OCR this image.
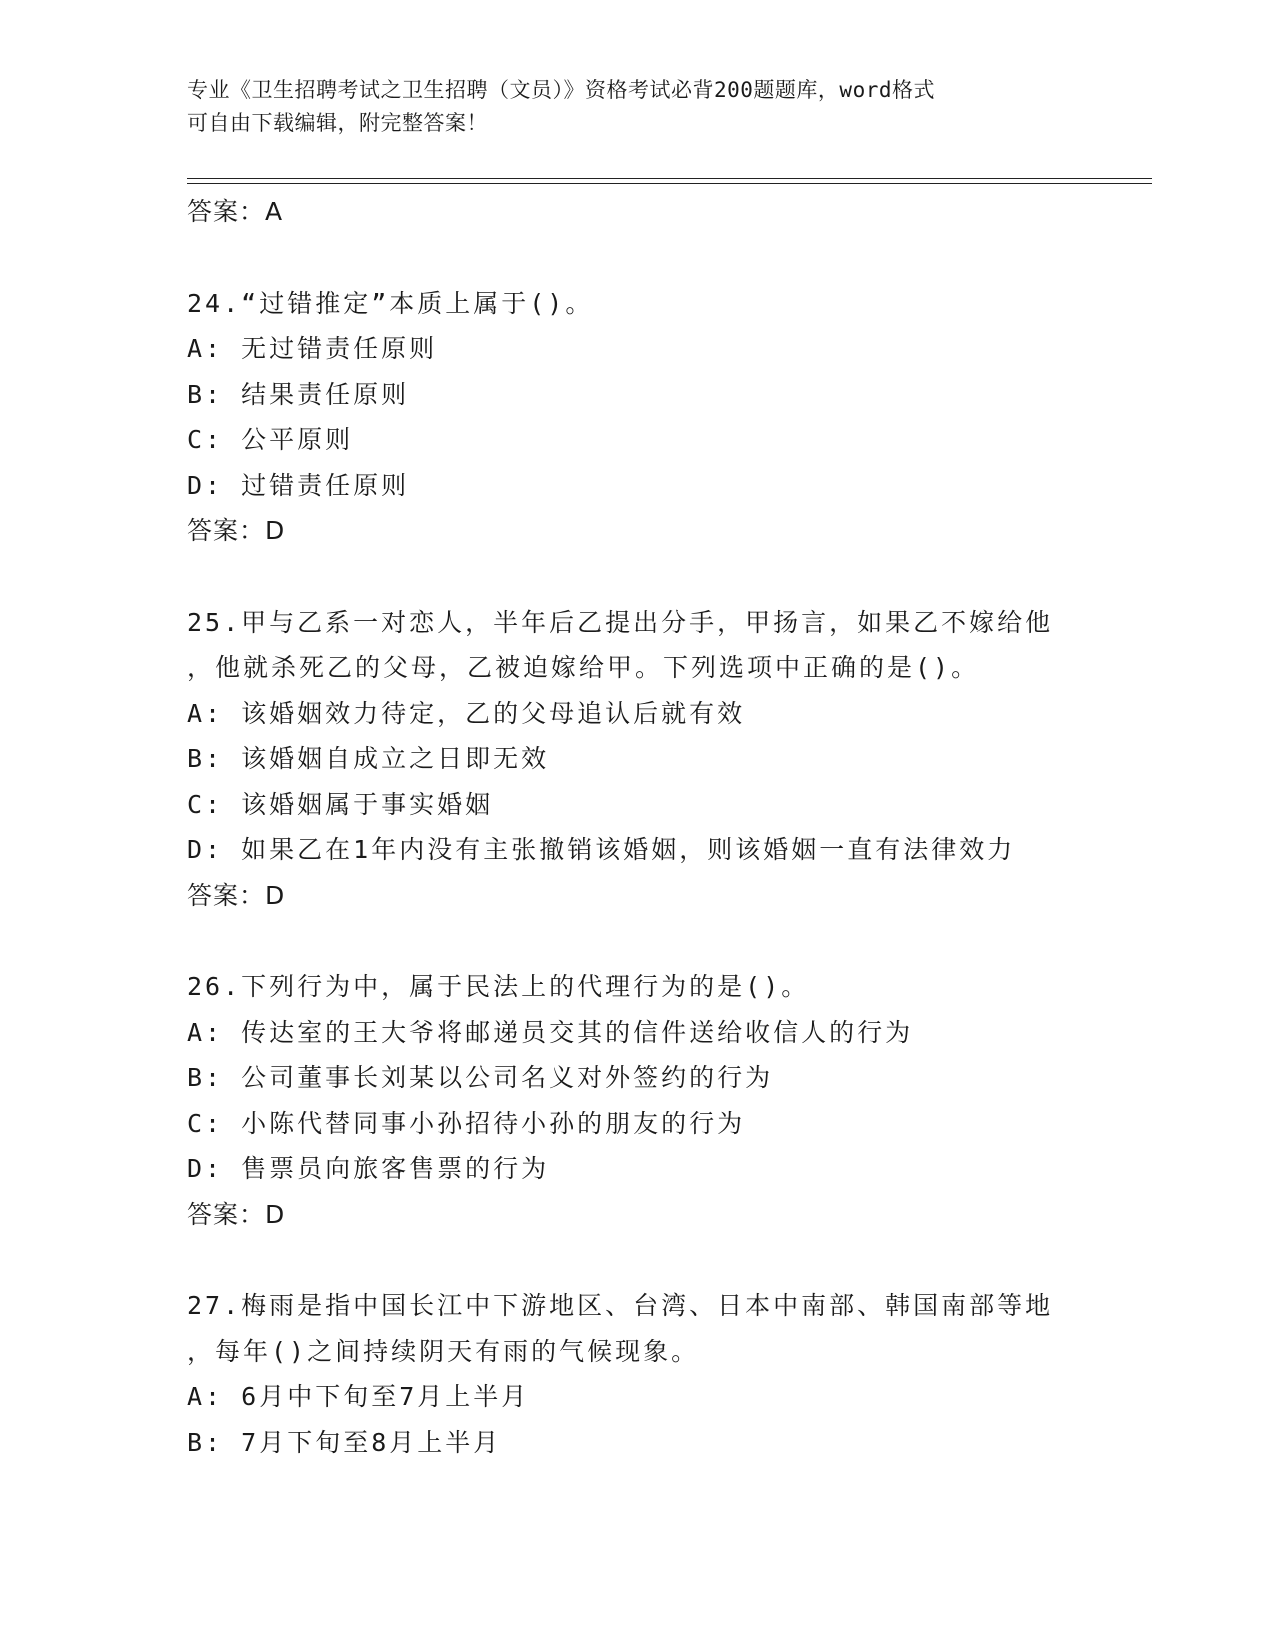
专业《卫生招聘考试之卫生招聘（文员）》资格考试必背200题题库，word格式
可自由下载编辑，附完整答案！
答案：A
24.“过错推定”本质上属于()。
A: 无过错责任原则
B: 结果责任原则
C: 公平原则
D: 过错责任原则
答案：D
25.甲与乙系一对恋人，半年后乙提出分手，甲扬言，如果乙不嫁给他
，他就杀死乙的父母，乙被迫嫁给甲。下列选项中正确的是()。
A: 该婚姻效力待定，乙的父母追认后就有效
B: 该婚姻自成立之日即无效
C: 该婚姻属于事实婚姻
D: 如果乙在1年内没有主张撤销该婚姻，则该婚姻一直有法律效力
答案：D
26.下列行为中，属于民法上的代理行为的是()。
A: 传达室的王大爷将邮递员交其的信件送给收信人的行为
B: 公司董事长刘某以公司名义对外签约的行为
C: 小陈代替同事小孙招待小孙的朋友的行为
D: 售票员向旅客售票的行为
答案：D
27.梅雨是指中国长江中下游地区、台湾、日本中南部、韩国南部等地
，每年()之间持续阴天有雨的气候现象。
A: 6月中下旬至7月上半月
B: 7月下旬至8月上半月
